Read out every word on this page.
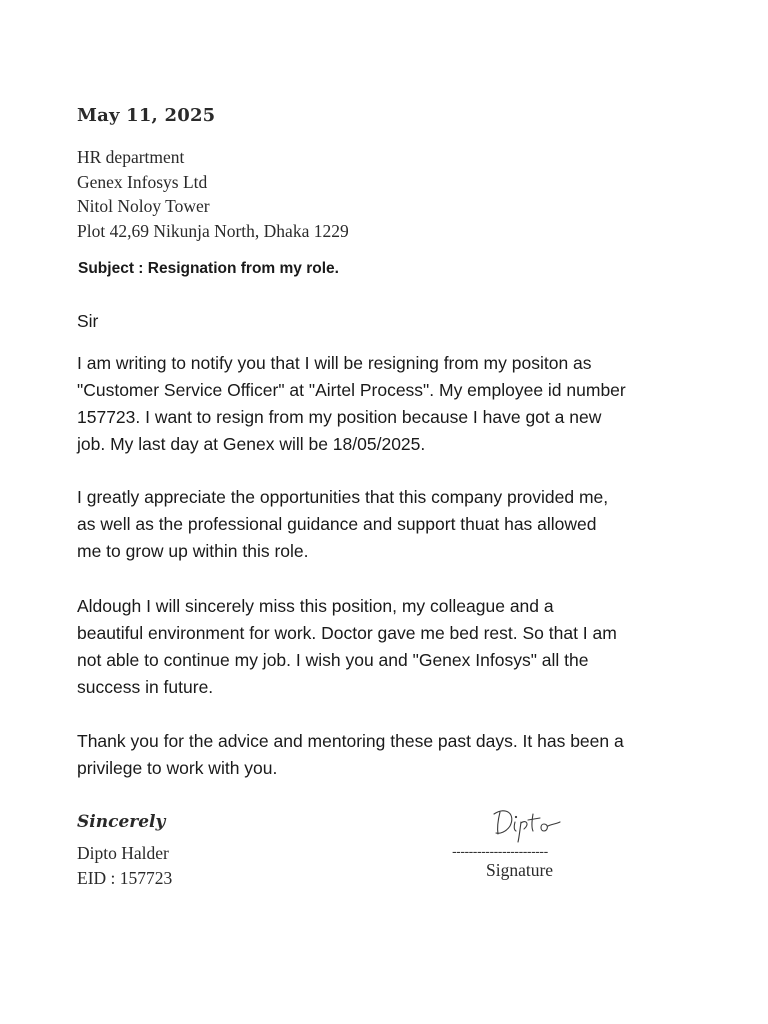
May 11, 2025
HR department
Genex Infosys Ltd
Nitol Noloy Tower
Plot 42,69 Nikunja North, Dhaka 1229
Subject : Resignation from my role.
Sir
I am writing to notify you that I will be resigning from my positon as
"Customer Service Officer" at "Airtel Process". My employee id number
157723. I want to resign from my position because I have got a new
job. My last day at Genex will be 18/05/2025.
I greatly appreciate the opportunities that this company provided me,
as well as the professional guidance and support thuat has allowed
me to grow up within this role.
Aldough I will sincerely miss this position, my colleague and a
beautiful environment for work. Doctor gave me bed rest. So that I am
not able to continue my job. I wish you and "Genex Infosys" all the
success in future.
Thank you for the advice and mentoring these past days. It has been a
privilege to work with you.
Sincerely
Dipto Halder
EID : 157723
-----------------------
Signature
